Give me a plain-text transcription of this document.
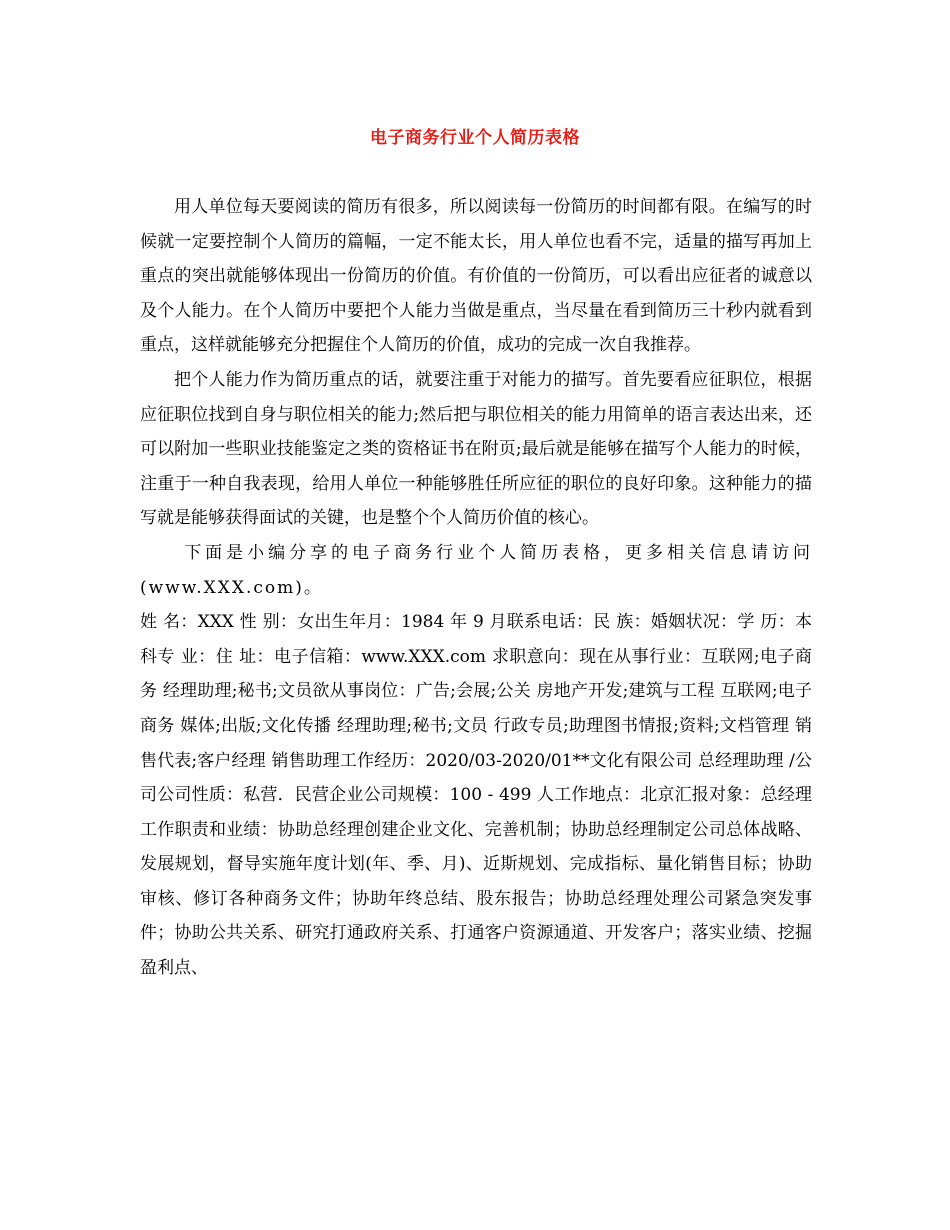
电子商务行业个人简历表格

用人单位每天要阅读的简历有很多，所以阅读每一份简历的时间都有限。在编写的时候就一定要控制个人简历的篇幅，一定不能太长，用人单位也看不完，适量的描写再加上重点的突出就能够体现出一份简历的价值。有价值的一份简历，可以看出应征者的诚意以及个人能力。在个人简历中要把个人能力当做是重点，当尽量在看到简历三十秒内就看到重点，这样就能够充分把握住个人简历的价值，成功的完成一次自我推荐。

把个人能力作为简历重点的话，就要注重于对能力的描写。首先要看应征职位，根据应征职位找到自身与职位相关的能力;然后把与职位相关的能力用简单的语言表达出来，还可以附加一些职业技能鉴定之类的资格证书在附页;最后就是能够在描写个人能力的时候，注重于一种自我表现，给用人单位一种能够胜任所应征的职位的良好印象。这种能力的描写就是能够获得面试的关键，也是整个个人简历价值的核心。

下面是小编分享的电子商务行业个人简历表格，更多相关信息请访问(www.XXX.com)。

姓 名：XXX 性 别：女出生年月：1984 年 9 月联系电话：民 族：婚姻状况：学 历：本科专 业：住 址：电子信箱：www.XXX.com 求职意向：现在从事行业：互联网;电子商务 经理助理;秘书;文员欲从事岗位：广告;会展;公关 房地产开发;建筑与工程 互联网;电子商务 媒体;出版;文化传播 经理助理;秘书;文员 行政专员;助理图书情报;资料;文档管理 销售代表;客户经理 销售助理工作经历：2020/03-2020/01**文化有限公司 总经理助理 /公司公司性质：私营．民营企业公司规模：100 - 499 人工作地点：北京汇报对象：总经理工作职责和业绩：协助总经理创建企业文化、完善机制；协助总经理制定公司总体战略、发展规划，督导实施年度计划(年、季、月)、近斯规划、完成指标、量化销售目标；协助审核、修订各种商务文件；协助年终总结、股东报告；协助总经理处理公司紧急突发事件；协助公共关系、研究打通政府关系、打通客户资源通道、开发客户；落实业绩、挖掘盈利点、
